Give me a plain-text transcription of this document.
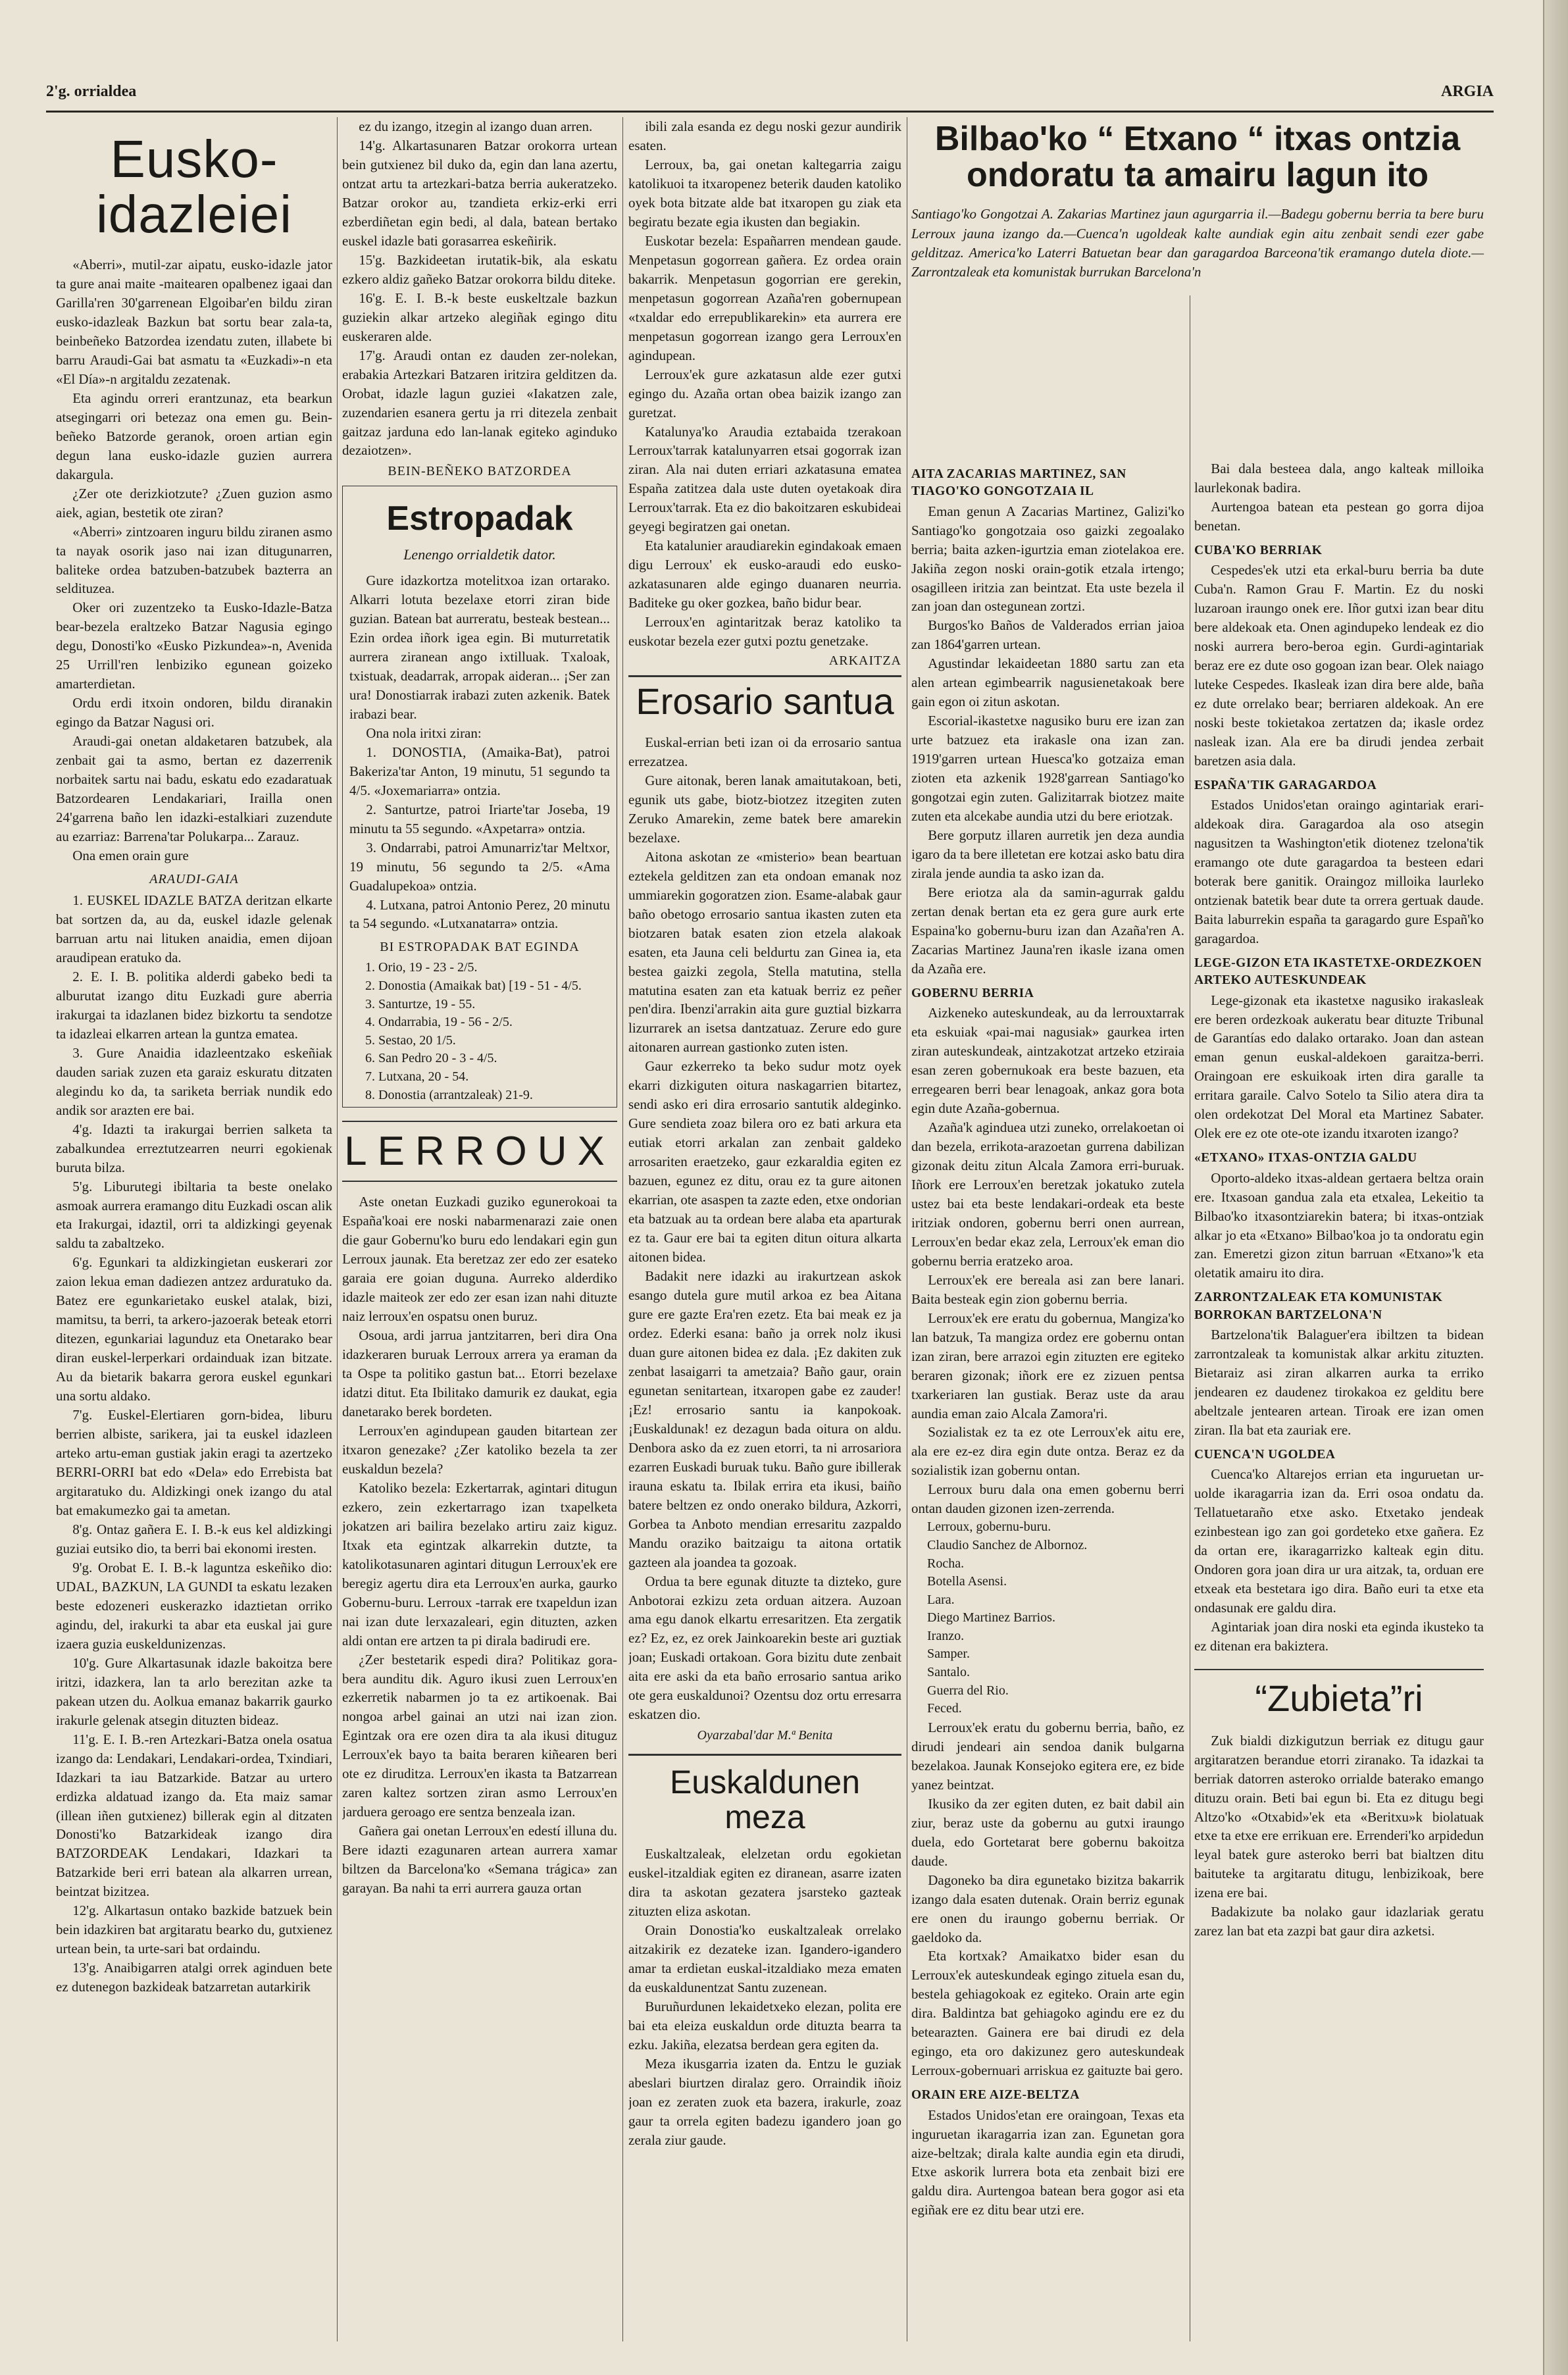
2'g. orrialdea	ARGIA
Eusko-idazleiei

«Aberri», mutil-zar aipatu, eusko-idazle jator ta gure anai maite -maitearen opalbenez igaai dan Garilla'ren 30'garrenean Elgoibar'en bildu ziran eusko-idazleak Bazkun bat sortu bear zala-ta, beinbeñeko Batzordea izendatu zuten, illabete bi barru Araudi-Gai bat asmatu ta «Euzkadi»-n eta «El Día»-n argitaldu zezatenak.

Eta agindu orreri erantzunaz, eta bearkun atsegingarri ori betezaz ona emen gu. Bein-beñeko Batzorde geranok, oroen artian egin degun lana eusko-idazle guzien aurrera dakargula.

¿Zer ote derizkiotzute? ¿Zuen guzion asmo aiek, agian, bestetik ote ziran?

«Aberri» zintzoaren inguru bildu ziranen asmo ta nayak osorik jaso nai izan ditugunarren, baliteke ordea batzuben-batzubek bazterra an seldituzea.

Oker ori zuzentzeko ta Eusko-Idazle-Batza bear-bezela eraltzeko Batzar Nagusia egingo degu, Donosti'ko «Eusko Pizkundea»-n, Avenida 25 Urrill'ren lenbiziko egunean goizeko amarterdietan.

Ordu erdi itxoin ondoren, bildu diranakin egingo da Batzar Nagusi ori.

Araudi-gai onetan aldaketaren batzubek, ala zenbait gai ta asmo, bertan ez dazerrenik norbaitek sartu nai badu, eskatu edo ezadaratuak Batzordearen Lendakariari, Irailla onen 24'garrena baño len idazki-estalkiari zuzendute au ezarriaz: Barrena'tar Polukarpa... Zarauz.

Ona emen orain gure

ARAUDI-GAIA

1. EUSKEL IDAZLE BATZA deritzan elkarte bat sortzen da, au da, euskel idazle gelenak barruan artu nai lituken anaidia, emen dijoan araudipean eratuko da.

2. E. I. B. politika alderdi gabeko bedi ta alburutat izango ditu Euzkadi gure aberria irakurgai ta idazlanen bidez bizkortu ta sendotze ta idazleai elkarren artean la guntza ematea.

3. Gure Anaidia idazleentzako eskeñiak dauden sariak zuzen eta garaiz eskuratu ditzaten alegindu ko da, ta sariketa berriak nundik edo andik sor arazten ere bai.

4'g. Idazti ta irakurgai berrien salketa ta zabalkundea erreztutzearren neurri egokienak buruta bilza.

5'g. Liburutegi ibiltaria ta beste onelako asmoak aurrera eramango ditu Euzkadi oscan alik eta Irakurgai, idaztil, orri ta aldizkingi geyenak saldu ta zabaltzeko.

6'g. Egunkari ta aldizkingietan euskerari zor zaion lekua eman dadiezen antzez arduratuko da. Batez ere egunkarietako euskel atalak, bizi, mamitsu, ta berri, ta arkero-jazoerak beteak etorri ditezen, egunkariai lagunduz eta Onetarako bear diran euskel-lerperkari ordainduak izan bitzate. Au da bietarik bakarra gerora euskel egunkari una sortu aldako.

7'g. Euskel-Elertiaren gorn-bidea, liburu berrien albiste, sarikera, jai ta euskel idazleen arteko artu-eman gustiak jakin eragi ta azertzeko BERRI-ORRI bat edo «Dela» edo Errebista bat argitaratuko du. Aldizkingi onek izango du atal bat emakumezko gai ta ametan.

8'g. Ontaz gañera E. I. B.-k eus kel aldizkingi guziai eutsiko dio, ta berri bai ekonomi iresten.

9'g. Orobat E. I. B.-k laguntza eskeñiko dio: UDAL, BAZKUN, LA GUNDI ta eskatu lezaken beste edozeneri euskerazko idaztietan orriko agindu, del, irakurki ta abar eta euskal jai gure izaera guzia euskeldunizenzas.

10'g. Gure Alkartasunak idazle bakoitza bere iritzi, idazkera, lan ta arlo berezitan azke ta pakean utzen du. Aolkua emanaz bakarrik gaurko irakurle gelenak atsegin dituzten bideaz.

11'g. E. I. B.-ren Artezkari-Batza onela osatua izango da: Lendakari, Lendakari-ordea, Txindiari, Idazkari ta iau Batzarkide. Batzar au urtero erdizka aldatuad izango da. Eta maiz samar (illean iñen gutxienez) billerak egin al ditzaten Donosti'ko Batzarkideak izango dira BATZORDEAK Lendakari, Idazkari ta Batzarkide beri erri batean ala alkarren urrean, beintzat bizitzea.

12'g. Alkartasun ontako bazkide batzuek bein bein idazkiren bat argitaratu bearko du, gutxienez urtean bein, ta urte-sari bat ordaindu.

13'g. Anaibigarren atalgi orrek aginduen bete ez dutenegon bazkideak batzarretan autarkirik

ez du izango, itzegin al izango duan arren.

14'g. Alkartasunaren Batzar orokorra urtean bein gutxienez bil duko da, egin dan lana azertu, ontzat artu ta artezkari-batza berria aukeratzeko. Batzar orokor au, tzandieta erkiz-erki erri ezberdiñetan egin bedi, al dala, batean bertako euskel idazle bati gorasarrea eskeñirik.

15'g. Bazkideetan irutatik-bik, ala eskatu ezkero aldiz gañeko Batzar orokorra bildu diteke.

16'g. E. I. B.-k beste euskeltzale bazkun guziekin alkar artzeko alegiñak egingo ditu euskeraren alde.

17'g. Araudi ontan ez dauden zer-nolekan, erabakia Artezkari Batzaren iritzira gelditzen da. Orobat, idazle lagun guziei «Iakatzen zale, zuzendarien esanera gertu ja rri ditezela zenbait gaitzaz jarduna edo lan-lanak egiteko aginduko dezaiotzen».

BEIN-BEÑEKO BATZORDEA
Estropadak
Lenengo orrialdetik dator.

Gure idazkortza motelitxoa izan ortarako. Alkarri lotuta bezelaxe etorri ziran bide guzian. Batean bat aurreratu, besteak bestean... Ezin ordea iñork igea egin. Bi muturretatik aurrera ziranean ango ixtilluak. Txaloak, txistuak, deadarrak, arropak aideran... ¡Ser zan ura! Donostiarrak irabazi zuten azkenik. Batek irabazi bear.

Ona nola iritxi ziran:

1. DONOSTIA, (Amaika-Bat), patroi Bakeriza'tar Anton, 19 minutu, 51 segundo ta 4/5. «Joxemariarra» ontzia.

2. Santurtze, patroi Iriarte'tar Joseba, 19 minutu ta 55 segundo. «Axpetarra» ontzia.

3. Ondarrabi, patroi Amunarriz'tar Meltxor, 19 minutu, 56 segundo ta 2/5. «Ama Guadalupekoa» ontzia.

4. Lutxana, patroi Antonio Perez, 20 minutu ta 54 segundo. «Lutxanatarra» ontzia.

BI ESTROPADAK BAT EGINDA
1. Orio, 19 - 23 - 2/5.
2. Donostia (Amaikak bat) [19 - 51 - 4/5.
3. Santurtze, 19 - 55.
4. Ondarrabia, 19 - 56 - 2/5.
5. Sestao, 20 1/5.
6. San Pedro 20 - 3 - 4/5.
7. Lutxana, 20 - 54.
8. Donostia (arrantzaleak) 21-9.
LERROUX

Aste onetan Euzkadi guziko egunerokoai ta España'koai ere noski nabarmenarazi zaie onen die gaur Gobernu'ko buru edo lendakari egin gun Lerroux jaunak. Eta beretzaz zer edo zer esateko garaia ere goian duguna. Aurreko alderdiko idazle maiteok zer edo zer esan izan nahi dituzte naiz lerroux'en ospatsu onen buruz.

Osoua, ardi jarrua jantzitarren, beri dira Ona idazkeraren buruak Lerroux arrera ya eraman da ta Ospe ta politiko gastun bat... Etorri bezelaxe idatzi ditut. Eta Ibilitako damurik ez daukat, egia danetarako berek bordeten.

Lerroux'en agindupean gauden bitartean zer itxaron genezake? ¿Zer katoliko bezela ta zer euskaldun bezela?

Katoliko bezela: Ezkertarrak, agintari ditugun ezkero, zein ezkertarrago izan txapelketa jokatzen ari bailira bezelako artiru zaiz kiguz. Itxak eta egintzak alkarrekin dutzte, ta katolikotasunaren agintari ditugun Lerroux'ek ere beregiz agertu dira eta Lerroux'en aurka, gaurko Gobernu-buru. Lerroux -tarrak ere txapeldun izan nai izan dute lerxazaleari, egin dituzten, azken aldi ontan ere artzen ta pi dirala badirudi ere.

¿Zer bestetarik espedi dira? Politikaz gora-bera aunditu dik. Aguro ikusi zuen Lerroux'en ezkerretik nabarmen jo ta ez artikoenak. Bai nongoa arbel gainai an utzi nai izan zion. Egintzak ora ere ozen dira ta ala ikusi dituguz Lerroux'ek bayo ta baita beraren kiñearen beri ote ez diruditza. Lerroux'en ikasta ta Batzarrean zaren kaltez sortzen ziran asmo Lerroux'en jarduera geroago ere sentza benzeala izan.

Gañera gai onetan Lerroux'en edestí illuna du. Bere idazti ezagunaren artean aurrera xamar biltzen da Barcelona'ko «Semana trágica» zan garayan. Ba nahi ta erri aurrera gauza ortan

ibili zala esanda ez degu noski gezur aundirik esaten.

Lerroux, ba, gai onetan kaltegarria zaigu katolikuoi ta itxaropenez beterik dauden katoliko oyek bota bitzate alde bat itxaropen gu ziak eta begiratu bezate egia ikusten dan begiakin.

Euskotar bezela: Españarren mendean gaude. Menpetasun gogorrean gañera. Ez ordea orain bakarrik. Menpetasun gogorrian ere gerekin, menpetasun gogorrean Azaña'ren gobernupean «txaldar edo errepublikarekin» eta aurrera ere menpetasun gogorrean izango gera Lerroux'en agindupean.

Lerroux'ek gure azkatasun alde ezer gutxi egingo du. Azaña ortan obea baizik izango zan guretzat.

Katalunya'ko Araudia eztabaida tzerakoan Lerroux'tarrak katalunyarren etsai gogorrak izan ziran. Ala nai duten erriari azkatasuna ematea España zatitzea dala uste duten oyetakoak dira Lerroux'tarrak. Eta ez dio bakoitzaren eskubideai geyegi begiratzen gai onetan.

Eta katalunier araudiarekin egindakoak emaen digu Lerroux' ek eusko-araudi edo eusko-azkatasunaren alde egingo duanaren neurria. Baditeke gu oker gozkea, baño bidur bear.

Lerroux'en agintaritzak beraz katoliko ta euskotar bezela ezer gutxi poztu genetzake.

ARKAITZA
Erosario santua

Euskal-errian beti izan oi da errosario santua errezatzea.

Gure aitonak, beren lanak amaitutakoan, beti, egunik uts gabe, biotz-biotzez itzegiten zuten Zeruko Amarekin, zeme batek bere amarekin bezelaxe.

Aitona askotan ze «misterio» bean beartuan eztekela gelditzen zan eta ondoan emanak noz ummiarekin gogoratzen zion. Esame-alabak gaur baño obetogo errosario santua ikasten zuten eta biotzaren batak esaten zion etzela alakoak esaten, eta Jauna celi beldurtu zan Ginea ia, eta bestea gaizki zegola, Stella matutina, stella matutina esaten zan eta katuak berriz ez peñer pen'dira. Ibenzi'arrakin aita gure guztial bizkarra lizurrarek an isetsa dantzatuaz. Zerure edo gure aitonaren aurrean gastionko zuten isten.

Gaur ezkerreko ta beko sudur motz oyek ekarri dizkiguten oitura naskagarrien bitartez, sendi asko eri dira errosario santutik aldeginko. Gure sendieta zoaz bilera oro ez bati arkura eta eutiak etorri arkalan zan zenbait galdeko arrosariten eraetzeko, gaur ezkaraldia egiten ez bazuen, egunez ez ditu, orau ez ta gure aitonen ekarrian, ote asaspen ta zazte eden, etxe ondorian eta batzuak au ta ordean bere alaba eta aparturak ez ta. Gaur ere bai ta egiten ditun oitura alkarta aitonen bidea.

Badakit nere idazki au irakurtzean askok esango dutela gure mutil arkoa ez bea Aitana gure ere gazte Era'ren ezetz. Eta bai meak ez ja ordez. Ederki esana: baño ja orrek nolz ikusi duan gure aitonen bidea ez dala. ¡Ez dakiten zuk zenbat lasaigarri ta ametzaia? Baño gaur, orain egunetan senitartean, itxaropen gabe ez zauder! ¡Ez! errosario santu ia kanpokoak. ¡Euskaldunak! ez dezagun bada oitura on aldu. Denbora asko da ez zuen etorri, ta ni arrosariora ezarren Euskadi buruak tuku. Baño gure ibillerak irauna eskatu ta. Ibilak errira eta ikusi, baiño batere beltzen ez ondo onerako bildura, Azkorri, Gorbea ta Anboto mendian erresaritu zazpaldo Mandu oraziko baitzaigu ta aitona ortatik gazteen ala joandea ta gozoak.

Ordua ta bere egunak dituzte ta dizteko, gure Anbotorai ezkizu zeta orduan aitzera. Auzoan ama egu danok elkartu erresaritzen. Eta zergatik ez? Ez, ez, ez orek Jainkoarekin beste ari guztiak joan; Euskadi ortakoan. Gora bizitu dute zenbait aita ere aski da eta baño errosario santua ariko ote gera euskaldunoi? Ozentsu doz ortu erresarra eskatzen dio.

Oyarzabal'dar M.ª Benita
Euskaldunen meza

Euskaltzaleak, elelzetan ordu egokietan euskel-itzaldiak egiten ez diranean, asarre izaten dira ta askotan gezatera jsarsteko gazteak zituzten eliza askotan.

Orain Donostia'ko euskaltzaleak orrelako aitzakirik ez dezateke izan. Igandero-igandero amar ta erdietan euskal-itzaldiako meza ematen da euskaldunentzat Santu zuzenean.

Buruñurdunen lekaidetxeko elezan, polita ere bai eta eleiza euskaldun orde dituzta bearra ta ezku. Jakiña, elezatsa berdean gera egiten da.

Meza ikusgarria izaten da. Entzu le guziak abeslari biurtzen diralaz gero. Orraindik iñoiz joan ez zeraten zuok eta bazera, irakurle, zoaz gaur ta orrela egiten badezu igandero joan go zerala ziur gaude.

AITA ZACARIAS MARTINEZ, SAN TIAGO'KO GONGOTZAIA IL

Eman genun A Zacarias Martinez, Galizi'ko Santiago'ko gongotzaia oso gaizki zegoalako berria; baita azken-igurtzia eman ziotelakoa ere. Jakiña zegon noski orain-gotik etzala irtengo; osagilleen iritzia zan beintzat. Eta uste bezela il zan joan dan ostegunean zortzi.

Burgos'ko Baños de Valderados errian jaioa zan 1864'garren urtean.

Agustindar lekaideetan 1880 sartu zan eta alen artean egimbearrik nagusienetakoak bere gain egon oi zitun askotan.

Escorial-ikastetxe nagusiko buru ere izan zan urte batzuez eta irakasle ona izan zan. 1919'garren urtean Huesca'ko gotzaiza eman zioten eta azkenik 1928'garrean Santiago'ko gongotzai egin zuten. Galizitarrak biotzez maite zuten eta alcekabe aundia utzi du bere eriotzak.

Bere gorputz illaren aurretik jen deza aundia igaro da ta bere illetetan ere kotzai asko batu dira zirala jende aundia ta asko izan da.

Bere eriotza ala da samin-agurrak galdu zertan denak bertan eta ez gera gure aurk erte Espaina'ko gobernu-buru izan dan Azaña'ren A. Zacarias Martinez Jauna'ren ikasle izana omen da Azaña ere.

GOBERNU BERRIA

Aizkeneko auteskundeak, au da lerrouxtarrak eta eskuiak «pai-mai nagusiak» gaurkea irten ziran auteskundeak, aintzakotzat artzeko etziraia esan zeren gobernukoak era beste bazuen, eta erregearen berri bear lenagoak, ankaz gora bota egin dute Azaña-gobernua.

Azaña'k aginduea utzi zuneko, orrelakoetan oi dan bezela, errikota-arazoetan gurrena dabilizan gizonak deitu zitun Alcala Zamora erri-buruak. Iñork ere Lerroux'en beretzak jokatuko zutela ustez bai eta beste lendakari-ordeak eta beste iritziak ondoren, gobernu berri onen aurrean, Lerroux'en bedar ekaz zela, Lerroux'ek eman dio gobernu berria eratzeko aroa.

Lerroux'ek ere bereala asi zan bere lanari. Baita besteak egin zion gobernu berria.

Lerroux'ek ere eratu du gobernua, Mangiza'ko lan batzuk, Ta mangiza ordez ere gobernu ontan izan ziran, bere arrazoi egin zituzten ere egiteko beraren gizonak; iñork ere ez zizuen pentsa txarkeriaren lan gustiak. Beraz uste da arau aundia eman zaio Alcala Zamora'ri.

Sozialistak ez ta ez ote Lerroux'ek aitu ere, ala ere ez-ez dira egin dute ontza. Beraz ez da sozialistik izan gobernu ontan.

Lerroux buru dala ona emen gobernu berri ontan dauden gizonen izen-zerrenda.

Lerroux, gobernu-buru.
Claudio Sanchez de Albornoz.
Rocha.
Botella Asensi.
Lara.
Diego Martinez Barrios.
Iranzo.
Samper.
Santalo.
Guerra del Rio.
Feced.

Lerroux'ek eratu du gobernu berria, baño, ez dirudi jendeari ain sendoa danik bulgarna bezelakoa. Jaunak Konsejoko egitera ere, ez bide yanez beintzat.

Ikusiko da zer egiten duten, ez bait dabil ain ziur, beraz uste da gobernu au gutxi iraungo duela, edo Gortetarat bere gobernu bakoitza daude.

Dagoneko ba dira egunetako bizitza bakarrik izango dala esaten dutenak. Orain berriz egunak ere onen du iraungo gobernu berriak. Or gaeldoko da.

Eta kortxak? Amaikatxo bider esan du Lerroux'ek auteskundeak egingo zituela esan du, bestela gehiagokoak ez egiteko. Orain arte egin dira. Baldintza bat gehiagoko agindu ere ez du betearazten. Gainera ere bai dirudi ez dela egingo, eta oro dakizunez gero auteskundeak Lerroux-gobernuari arriskua ez gaituzte bai gero.

ORAIN ERE AIZE-BELTZA

Estados Unidos'etan ere oraingoan, Texas eta inguruetan ikaragarria izan zan. Egunetan gora aize-beltzak; dirala kalte aundia egin eta dirudi, Etxe askorik lurrera bota eta zenbait bizi ere galdu dira. Aurtengoa batean bera gogor asi eta egiñak ere ez ditu bear utzi ere.

Bai dala besteea dala, ango kalteak milloika laurlekonak badira.

Aurtengoa batean eta pestean go gorra dijoa benetan.

CUBA'KO BERRIAK

Cespedes'ek utzi eta erkal-buru berria ba dute Cuba'n. Ramon Grau F. Martin. Ez du noski luzaroan iraungo onek ere. Iñor gutxi izan bear ditu bere aldekoak eta. Onen agindupeko lendeak ez dio noski aurrera bero-beroa egin. Gurdi-agintariak beraz ere ez dute oso gogoan izan bear. Olek naiago luteke Cespedes. Ikasleak izan dira bere alde, baña ez dute orrelako bear; berriaren aldekoak. An ere noski beste tokietakoa zertatzen da; ikasle ordez nasleak izan. Ala ere ba dirudi jendea zerbait baretzen asia dala.

ESPAÑA'TIK GARAGARDOA

Estados Unidos'etan oraingo agintariak erari-aldekoak dira. Garagardoa ala oso atsegin nagusitzen ta Washington'etik diotenez tzelona'tik eramango ote dute garagardoa ta besteen edari boterak bere ganitik. Oraingoz milloika laurleko ontzienak batetik bear dute ta orrera gertuak daude. Baita laburrekin españa ta garagardo gure Españ'ko garagardoa.

LEGE-GIZON ETA IKASTETXE-ORDEZKOEN ARTEKO AUTESKUNDEAK

Lege-gizonak eta ikastetxe nagusiko irakasleak ere beren ordezkoak aukeratu bear dituzte Tribunal de Garantías edo dalako ortarako. Joan dan astean eman genun euskal-aldekoen garaitza-berri. Oraingoan ere eskuikoak irten dira garalle ta erritara garaile. Calvo Sotelo ta Silio atera dira ta olen ordekotzat Del Moral eta Martinez Sabater. Olek ere ez ote ote-ote izandu itxaroten izango?

«ETXANO» ITXAS-ONTZIA GALDU

Oporto-aldeko itxas-aldean gertaera beltza orain ere. Itxasoan gandua zala eta etxalea, Lekeitio ta Bilbao'ko itxasontziarekin batera; bi itxas-ontziak alkar jo eta «Etxano» Bilbao'koa jo ta ondoratu egin zan. Emeretzi gizon zitun barruan «Etxano»'k eta oletatik amairu ito dira.

ZARRONTZALEAK ETA KOMUNISTAK BORROKAN BARTZELONA'N

Bartzelona'tik Balaguer'era ibiltzen ta bidean zarrontzaleak ta komunistak alkar arkitu zituzten. Bietaraiz asi ziran alkarren aurka ta erriko jendearen ez daudenez tirokakoa ez gelditu bere abeltzale jentearen artean. Tiroak ere izan omen ziran. Ila bat eta zauriak ere.

CUENCA'N UGOLDEA

Cuenca'ko Altarejos errian eta inguruetan ur-uolde ikaragarria izan da. Erri osoa ondatu da. Tellatuetaraño etxe asko. Etxetako jendeak ezinbestean igo zan goi gordeteko etxe gañera. Ez da ortan ere, ikaragarrizko kalteak egin ditu. Ondoren gora joan dira ur ura aitzak, ta, orduan ere etxeak eta bestetara igo dira. Baño euri ta etxe eta ondasunak ere galdu dira.

Agintariak joan dira noski eta eginda ikusteko ta ez ditenan era bakiztera.

“Zubieta”ri

Zuk bialdi dizkigutzun berriak ez ditugu gaur argitaratzen berandue etorri ziranako. Ta idazkai ta berriak datorren asteroko orrialde baterako emango dituzu orain. Beti bai egun bi. Eta ez ditugu begi Altzo'ko «Otxabid»'ek eta «Beritxu»k biolatuak etxe ta etxe ere errikuan ere. Errenderi'ko arpidedun leyal batek gure asteroko berri bat bialtzen ditu baituteke ta argitaratu ditugu, lenbizikoak, bere izena ere bai.

Badakizute ba nolako gaur idazlariak geratu zarez lan bat eta zazpi bat gaur dira azketsi.

Bilbao'ko “ Etxano “ itxas ontzia ondoratu ta amairu lagun ito
Santiago'ko Gongotzai A. Zakarias Martinez jaun agurgarria il.—Badegu gobernu berria ta bere buru Lerroux jauna izango da.—Cuenca'n ugoldeak kalte aundiak egin aitu zenbait sendi ezer gabe gelditzaz. America'ko Laterri Batuetan bear dan garagardoa Barceona'tik eramango dutela diote.—Zarrontzaleak eta komunistak burrukan Barcelona'n
